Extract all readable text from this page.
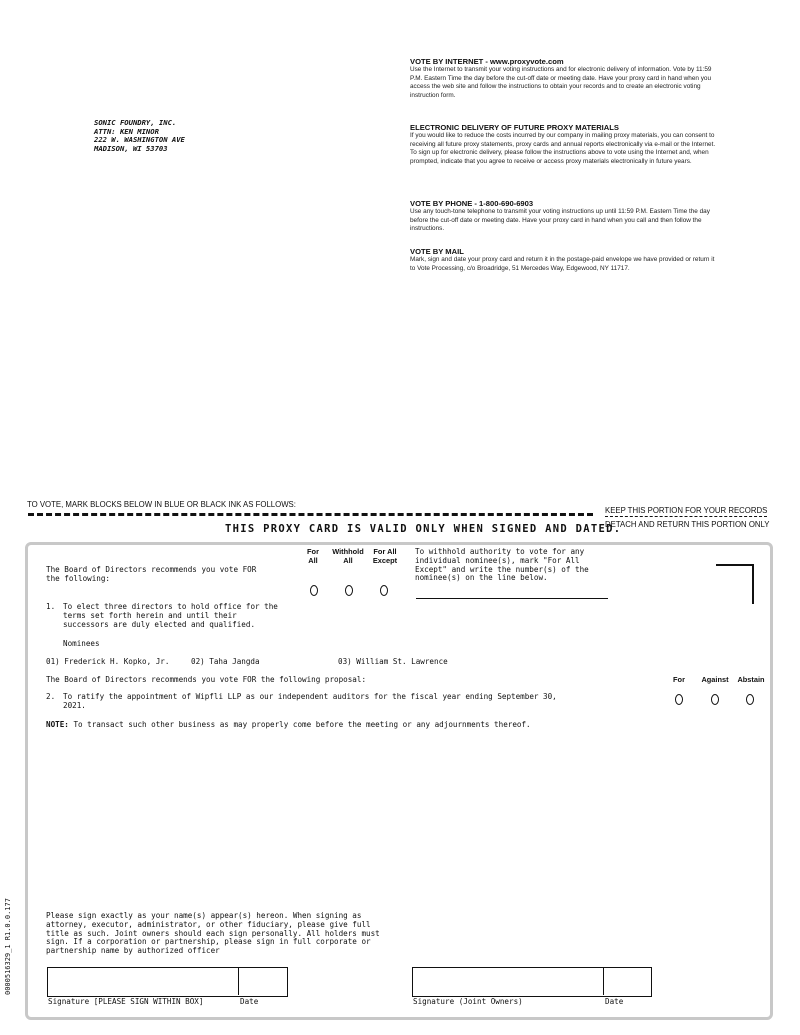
SONIC FOUNDRY, INC.
ATTN: KEN MINOR
222 W. WASHINGTON AVE
MADISON, WI 53703
VOTE BY INTERNET - www.proxyvote.com
Use the Internet to transmit your voting instructions and for electronic delivery of information. Vote by 11:59 P.M. Eastern Time the day before the cut-off date or meeting date. Have your proxy card in hand when you access the web site and follow the instructions to obtain your records and to create an electronic voting instruction form.
ELECTRONIC DELIVERY OF FUTURE PROXY MATERIALS
If you would like to reduce the costs incurred by our company in mailing proxy materials, you can consent to receiving all future proxy statements, proxy cards and annual reports electronically via e-mail or the Internet. To sign up for electronic delivery, please follow the instructions above to vote using the Internet and, when prompted, indicate that you agree to receive or access proxy materials electronically in future years.
VOTE BY PHONE - 1-800-690-6903
Use any touch-tone telephone to transmit your voting instructions up until 11:59 P.M. Eastern Time the day before the cut-off date or meeting date. Have your proxy card in hand when you call and then follow the instructions.
VOTE BY MAIL
Mark, sign and date your proxy card and return it in the postage-paid envelope we have provided or return it to Vote Processing, c/o Broadridge, 51 Mercedes Way, Edgewood, NY 11717.
TO VOTE, MARK BLOCKS BELOW IN BLUE OR BLACK INK AS FOLLOWS:
KEEP THIS PORTION FOR YOUR RECORDS
DETACH AND RETURN THIS PORTION ONLY
THIS PROXY CARD IS VALID ONLY WHEN SIGNED AND DATED.
The Board of Directors recommends you vote FOR
the following:
For
All
Withhold
All
For All
Except
To withhold authority to vote for any
individual nominee(s), mark "For All
Except" and write the number(s) of the
nominee(s) on the line below.
1. To elect three directors to hold office for the
terms set forth herein and until their
successors are duly elected and qualified.
Nominees
01) Frederick H. Kopko, Jr.	02) Taha Jangda	03) William St. Lawrence
The Board of Directors recommends you vote FOR the following proposal:	For	Against	Abstain
2. To ratify the appointment of Wipfli LLP as our independent auditors for the fiscal year ending September 30,
2021.
NOTE: To transact such other business as may properly come before the meeting or any adjournments thereof.
Please sign exactly as your name(s) appear(s) hereon. When signing as
attorney, executor, administrator, or other fiduciary, please give full
title as such. Joint owners should each sign personally. All holders must
sign. If a corporation or partnership, please sign in full corporate or
partnership name by authorized officer
Signature [PLEASE SIGN WITHIN BOX]	Date	Signature (Joint Owners)	Date
0000516329_1 R1.0.0.177
